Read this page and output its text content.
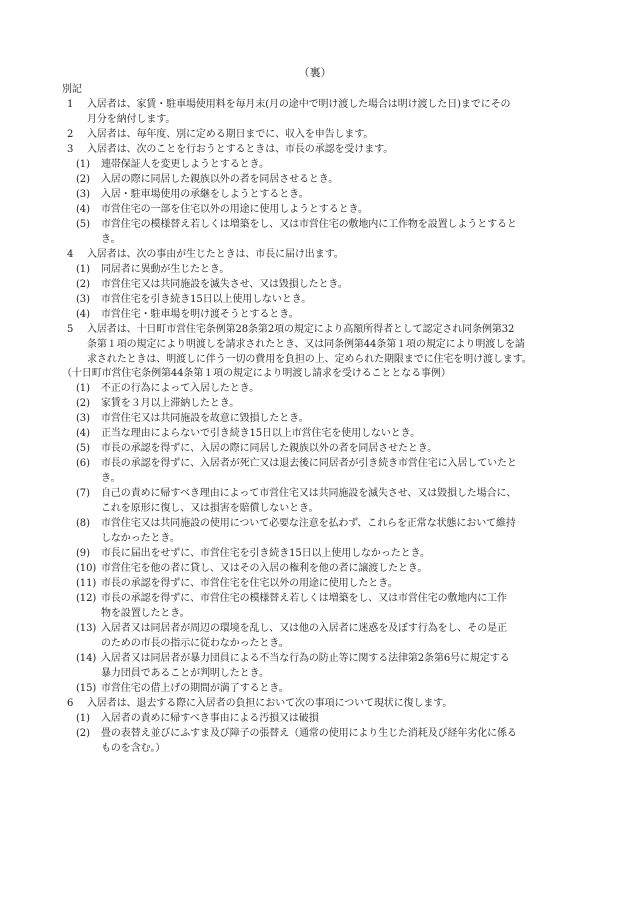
（裏）
別記
1 入居者は、家賃・駐車場使用料を毎月末(月の途中で明け渡した場合は明け渡した日)までにその
月分を納付します。
2 入居者は、毎年度、別に定める期日までに、収入を申告します。
3 入居者は、次のことを行おうとするときは、市長の承認を受けます。
(1) 連帯保証人を変更しようとするとき。
(2) 入居の際に同居した親族以外の者を同居させるとき。
(3) 入居・駐車場使用の承継をしようとするとき。
(4) 市営住宅の一部を住宅以外の用途に使用しようとするとき。
(5) 市営住宅の模様替え若しくは増築をし、又は市営住宅の敷地内に工作物を設置しようとすると
き。
4 入居者は、次の事由が生じたときは、市長に届け出ます。
(1) 同居者に異動が生じたとき。
(2) 市営住宅又は共同施設を滅失させ、又は毀損したとき。
(3) 市営住宅を引き続き15日以上使用しないとき。
(4) 市営住宅・駐車場を明け渡そうとするとき。
5 入居者は、十日町市営住宅条例第28条第2項の規定により高額所得者として認定され同条例第32
条第１項の規定により明渡しを請求されたとき、又は同条例第44条第１項の規定により明渡しを請
求されたときは、明渡しに伴う一切の費用を負担の上、定められた期限までに住宅を明け渡します。
（十日町市営住宅条例第44条第１項の規定により明渡し請求を受けることとなる事例）
(1) 不正の行為によって入居したとき。
(2) 家賃を３月以上滞納したとき。
(3) 市営住宅又は共同施設を故意に毀損したとき。
(4) 正当な理由によらないで引き続き15日以上市営住宅を使用しないとき。
(5) 市長の承認を得ずに、入居の際に同居した親族以外の者を同居させたとき。
(6) 市長の承認を得ずに、入居者が死亡又は退去後に同居者が引き続き市営住宅に入居していたと
き。
(7) 自己の責めに帰すべき理由によって市営住宅又は共同施設を滅失させ、又は毀損した場合に、
これを原形に復し、又は損害を賠償しないとき。
(8) 市営住宅又は共同施設の使用について必要な注意を払わず、これらを正常な状態において維持
しなかったとき。
(9) 市長に届出をせずに、市営住宅を引き続き15日以上使用しなかったとき。
(10) 市営住宅を他の者に貸し、又はその入居の権利を他の者に譲渡したとき。
(11) 市長の承認を得ずに、市営住宅を住宅以外の用途に使用したとき。
(12) 市長の承認を得ずに、市営住宅の模様替え若しくは増築をし、又は市営住宅の敷地内に工作
物を設置したとき。
(13) 入居者又は同居者が周辺の環境を乱し、又は他の入居者に迷惑を及ぼす行為をし、その是正
のための市長の指示に従わなかったとき。
(14) 入居者又は同居者が暴力団員による不当な行為の防止等に関する法律第2条第6号に規定する
暴力団員であることが判明したとき。
(15) 市営住宅の借上げの期間が満了するとき。
6 入居者は、退去する際に入居者の負担において次の事項について現状に復します。
(1) 入居者の責めに帰すべき事由による汚損又は破損
(2) 畳の表替え並びにふすま及び障子の張替え（通常の使用により生じた消耗及び経年劣化に係る
ものを含む。）
